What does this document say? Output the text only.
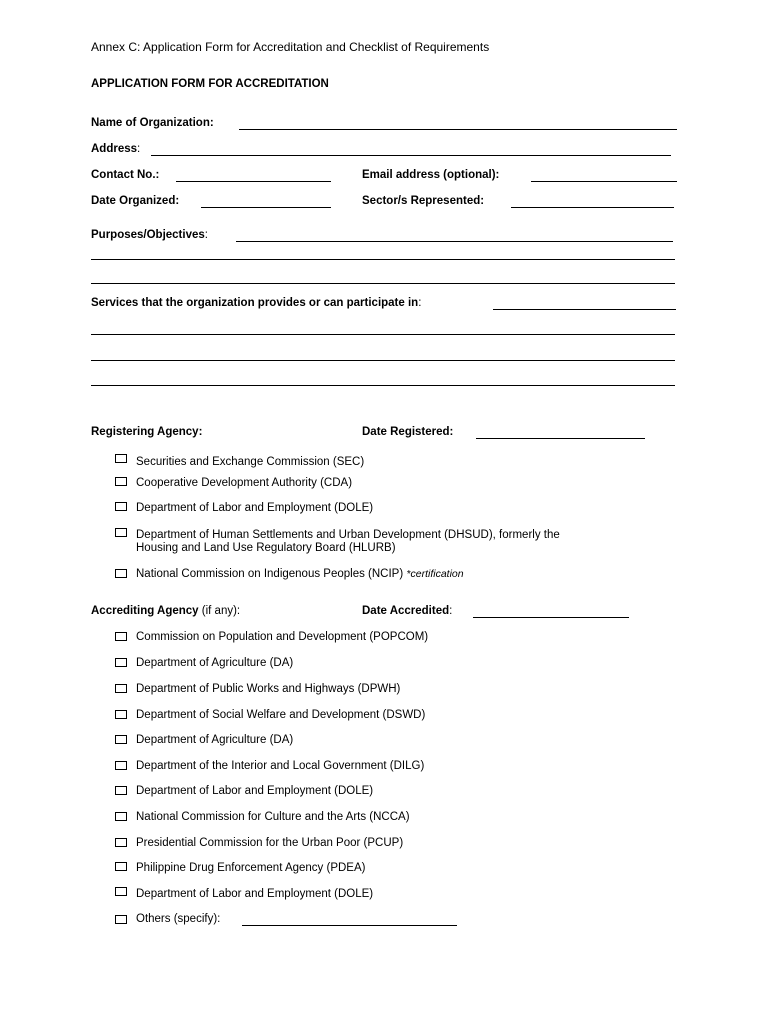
Annex C: Application Form for Accreditation and Checklist of Requirements
APPLICATION FORM FOR ACCREDITATION
Name of Organization:
Address:
Contact No.:	Email address (optional):
Date Organized:	Sector/s Represented:
Purposes/Objectives:
Services that the organization provides or can participate in:
Registering Agency:	Date Registered:
Securities and Exchange Commission (SEC)
Cooperative Development Authority (CDA)
Department of Labor and Employment (DOLE)
Department of Human Settlements and Urban Development (DHSUD), formerly the
Housing and Land Use Regulatory Board (HLURB)
National Commission on Indigenous Peoples (NCIP) *certification
Accrediting Agency (if any):	Date Accredited:
Commission on Population and Development (POPCOM)
Department of Agriculture (DA)
Department of Public Works and Highways (DPWH)
Department of Social Welfare and Development (DSWD)
Department of Agriculture (DA)
Department of the Interior and Local Government (DILG)
Department of Labor and Employment (DOLE)
National Commission for Culture and the Arts (NCCA)
Presidential Commission for the Urban Poor (PCUP)
Philippine Drug Enforcement Agency (PDEA)
Department of Labor and Employment (DOLE)
Others (specify):
